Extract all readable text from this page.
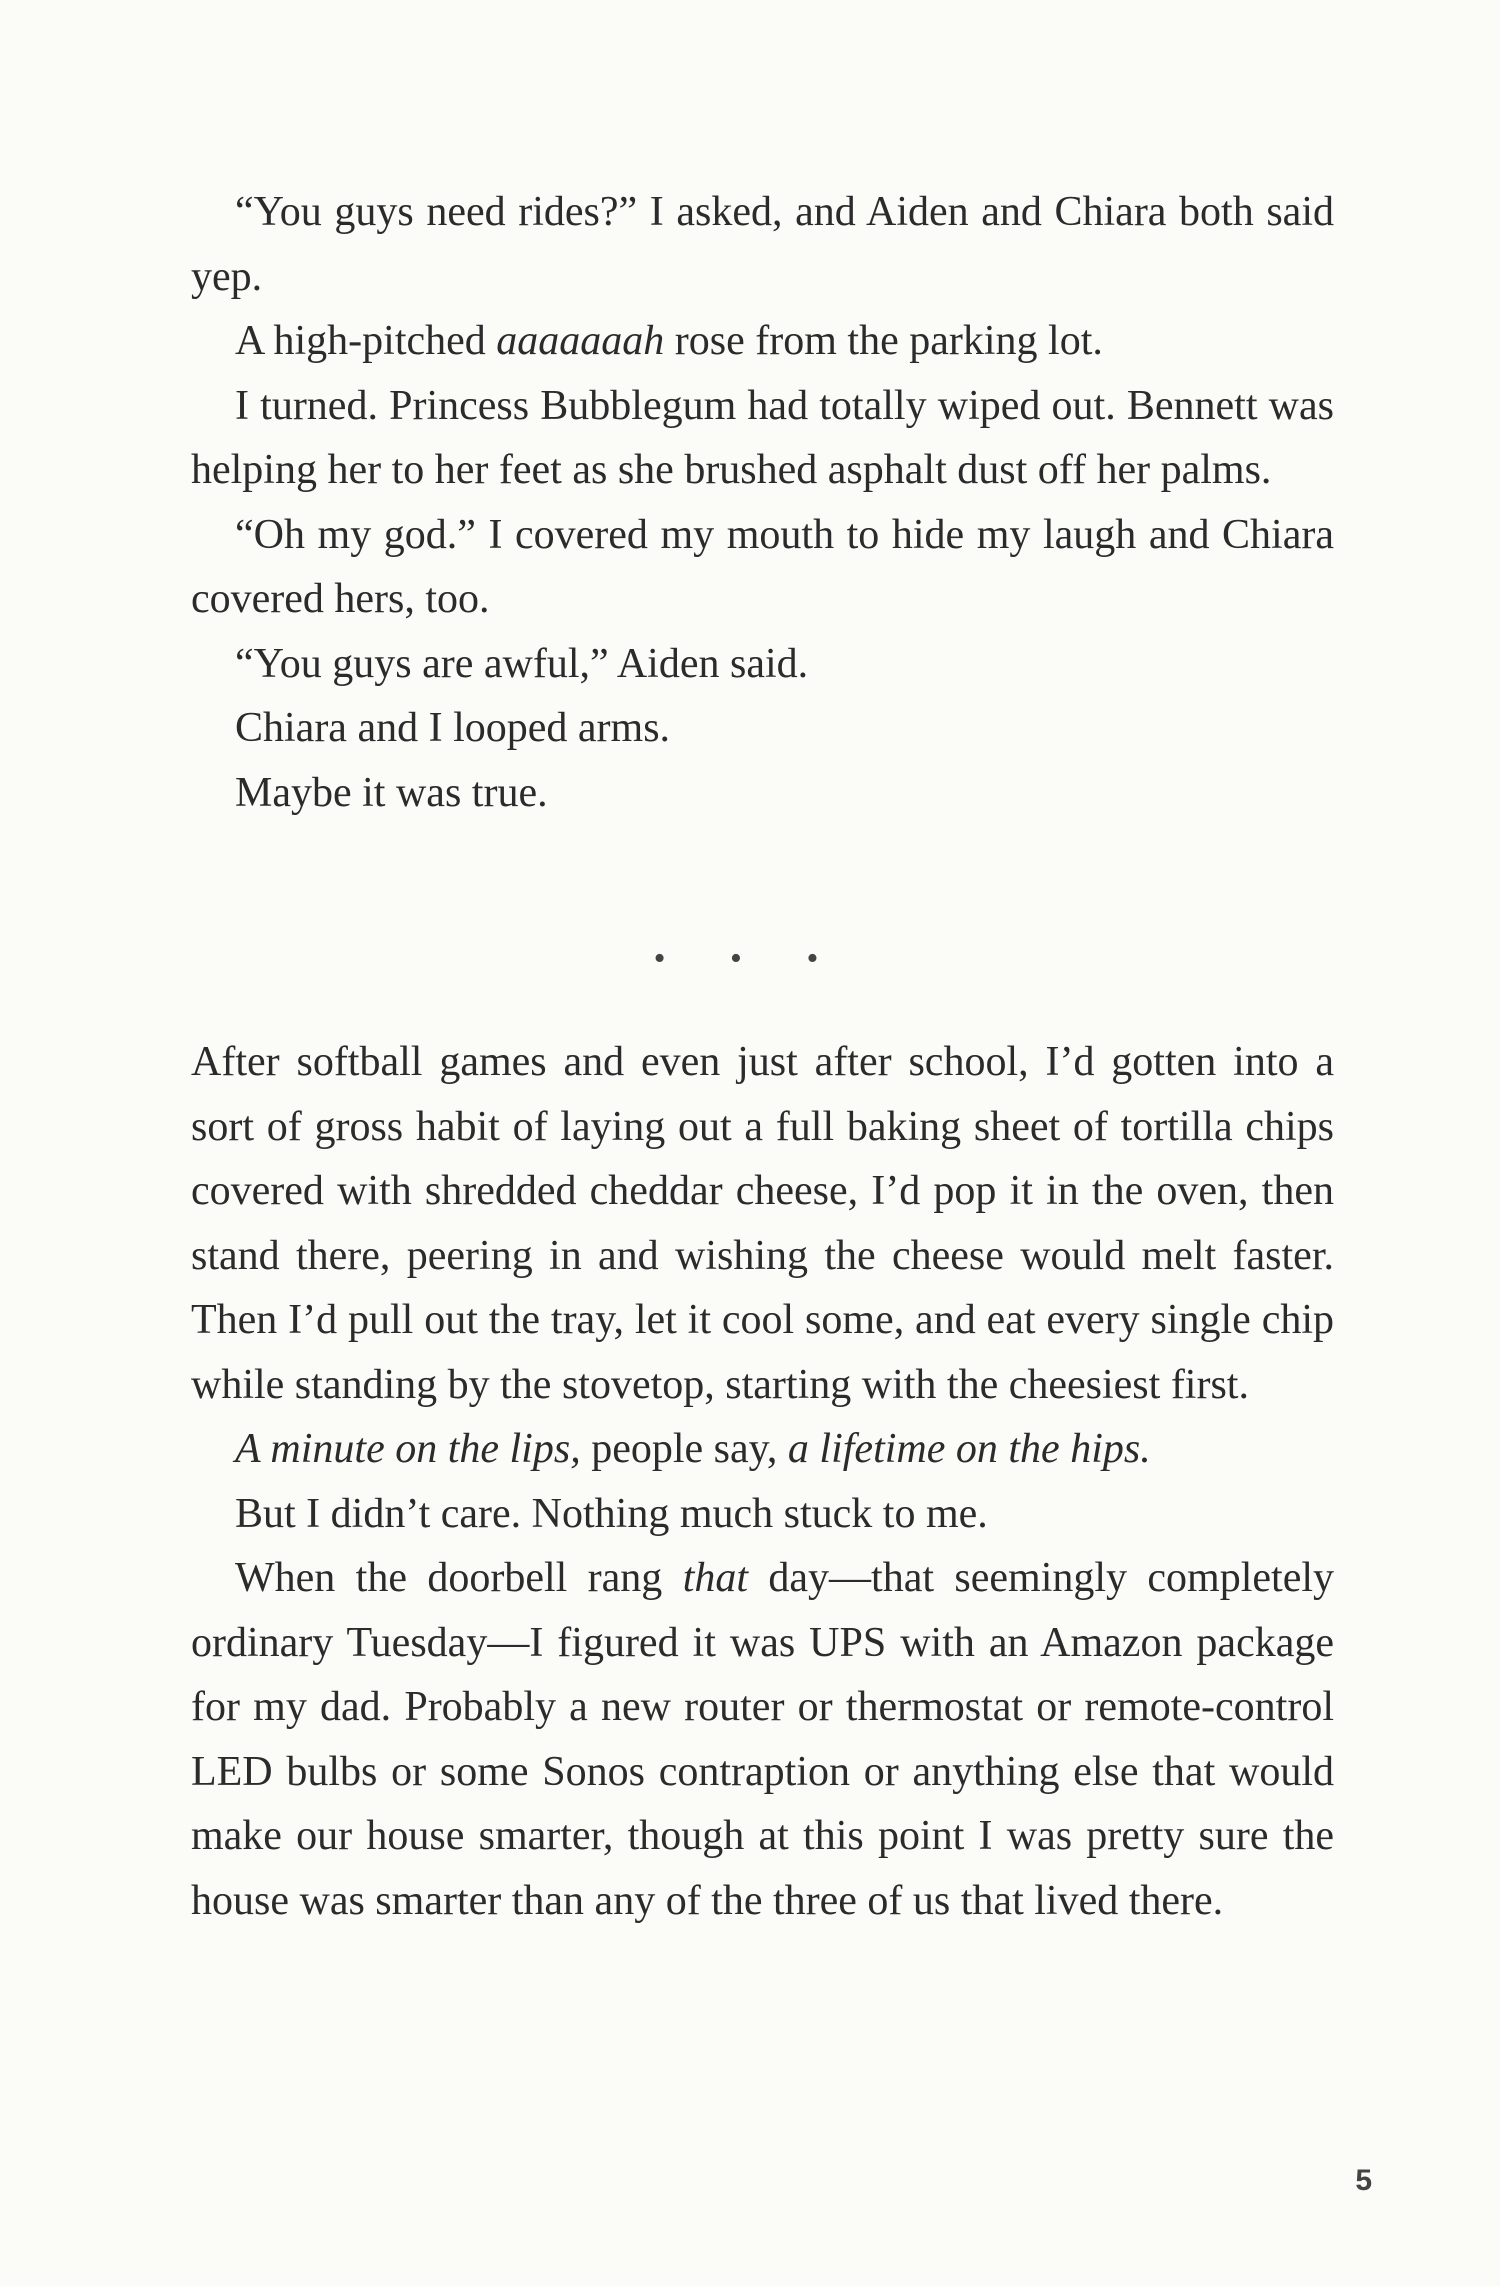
“You guys need rides?” I asked, and Aiden and Chiara both said yep.

A high-pitched aaaaaaah rose from the parking lot.

I turned. Princess Bubblegum had totally wiped out. Bennett was helping her to her feet as she brushed asphalt dust off her palms.

“Oh my god.” I covered my mouth to hide my laugh and Chiara covered hers, too.

“You guys are awful,” Aiden said.

Chiara and I looped arms.

Maybe it was true.

• • •

After softball games and even just after school, I’d gotten into a sort of gross habit of laying out a full baking sheet of tortilla chips covered with shredded cheddar cheese, I’d pop it in the oven, then stand there, peering in and wishing the cheese would melt faster. Then I’d pull out the tray, let it cool some, and eat every single chip while standing by the stovetop, starting with the cheesiest first.

A minute on the lips, people say, a lifetime on the hips.

But I didn’t care. Nothing much stuck to me.

When the doorbell rang that day—that seemingly completely ordinary Tuesday—I figured it was UPS with an Amazon package for my dad. Probably a new router or thermostat or remote-control LED bulbs or some Sonos contraption or anything else that would make our house smarter, though at this point I was pretty sure the house was smarter than any of the three of us that lived there.

5
